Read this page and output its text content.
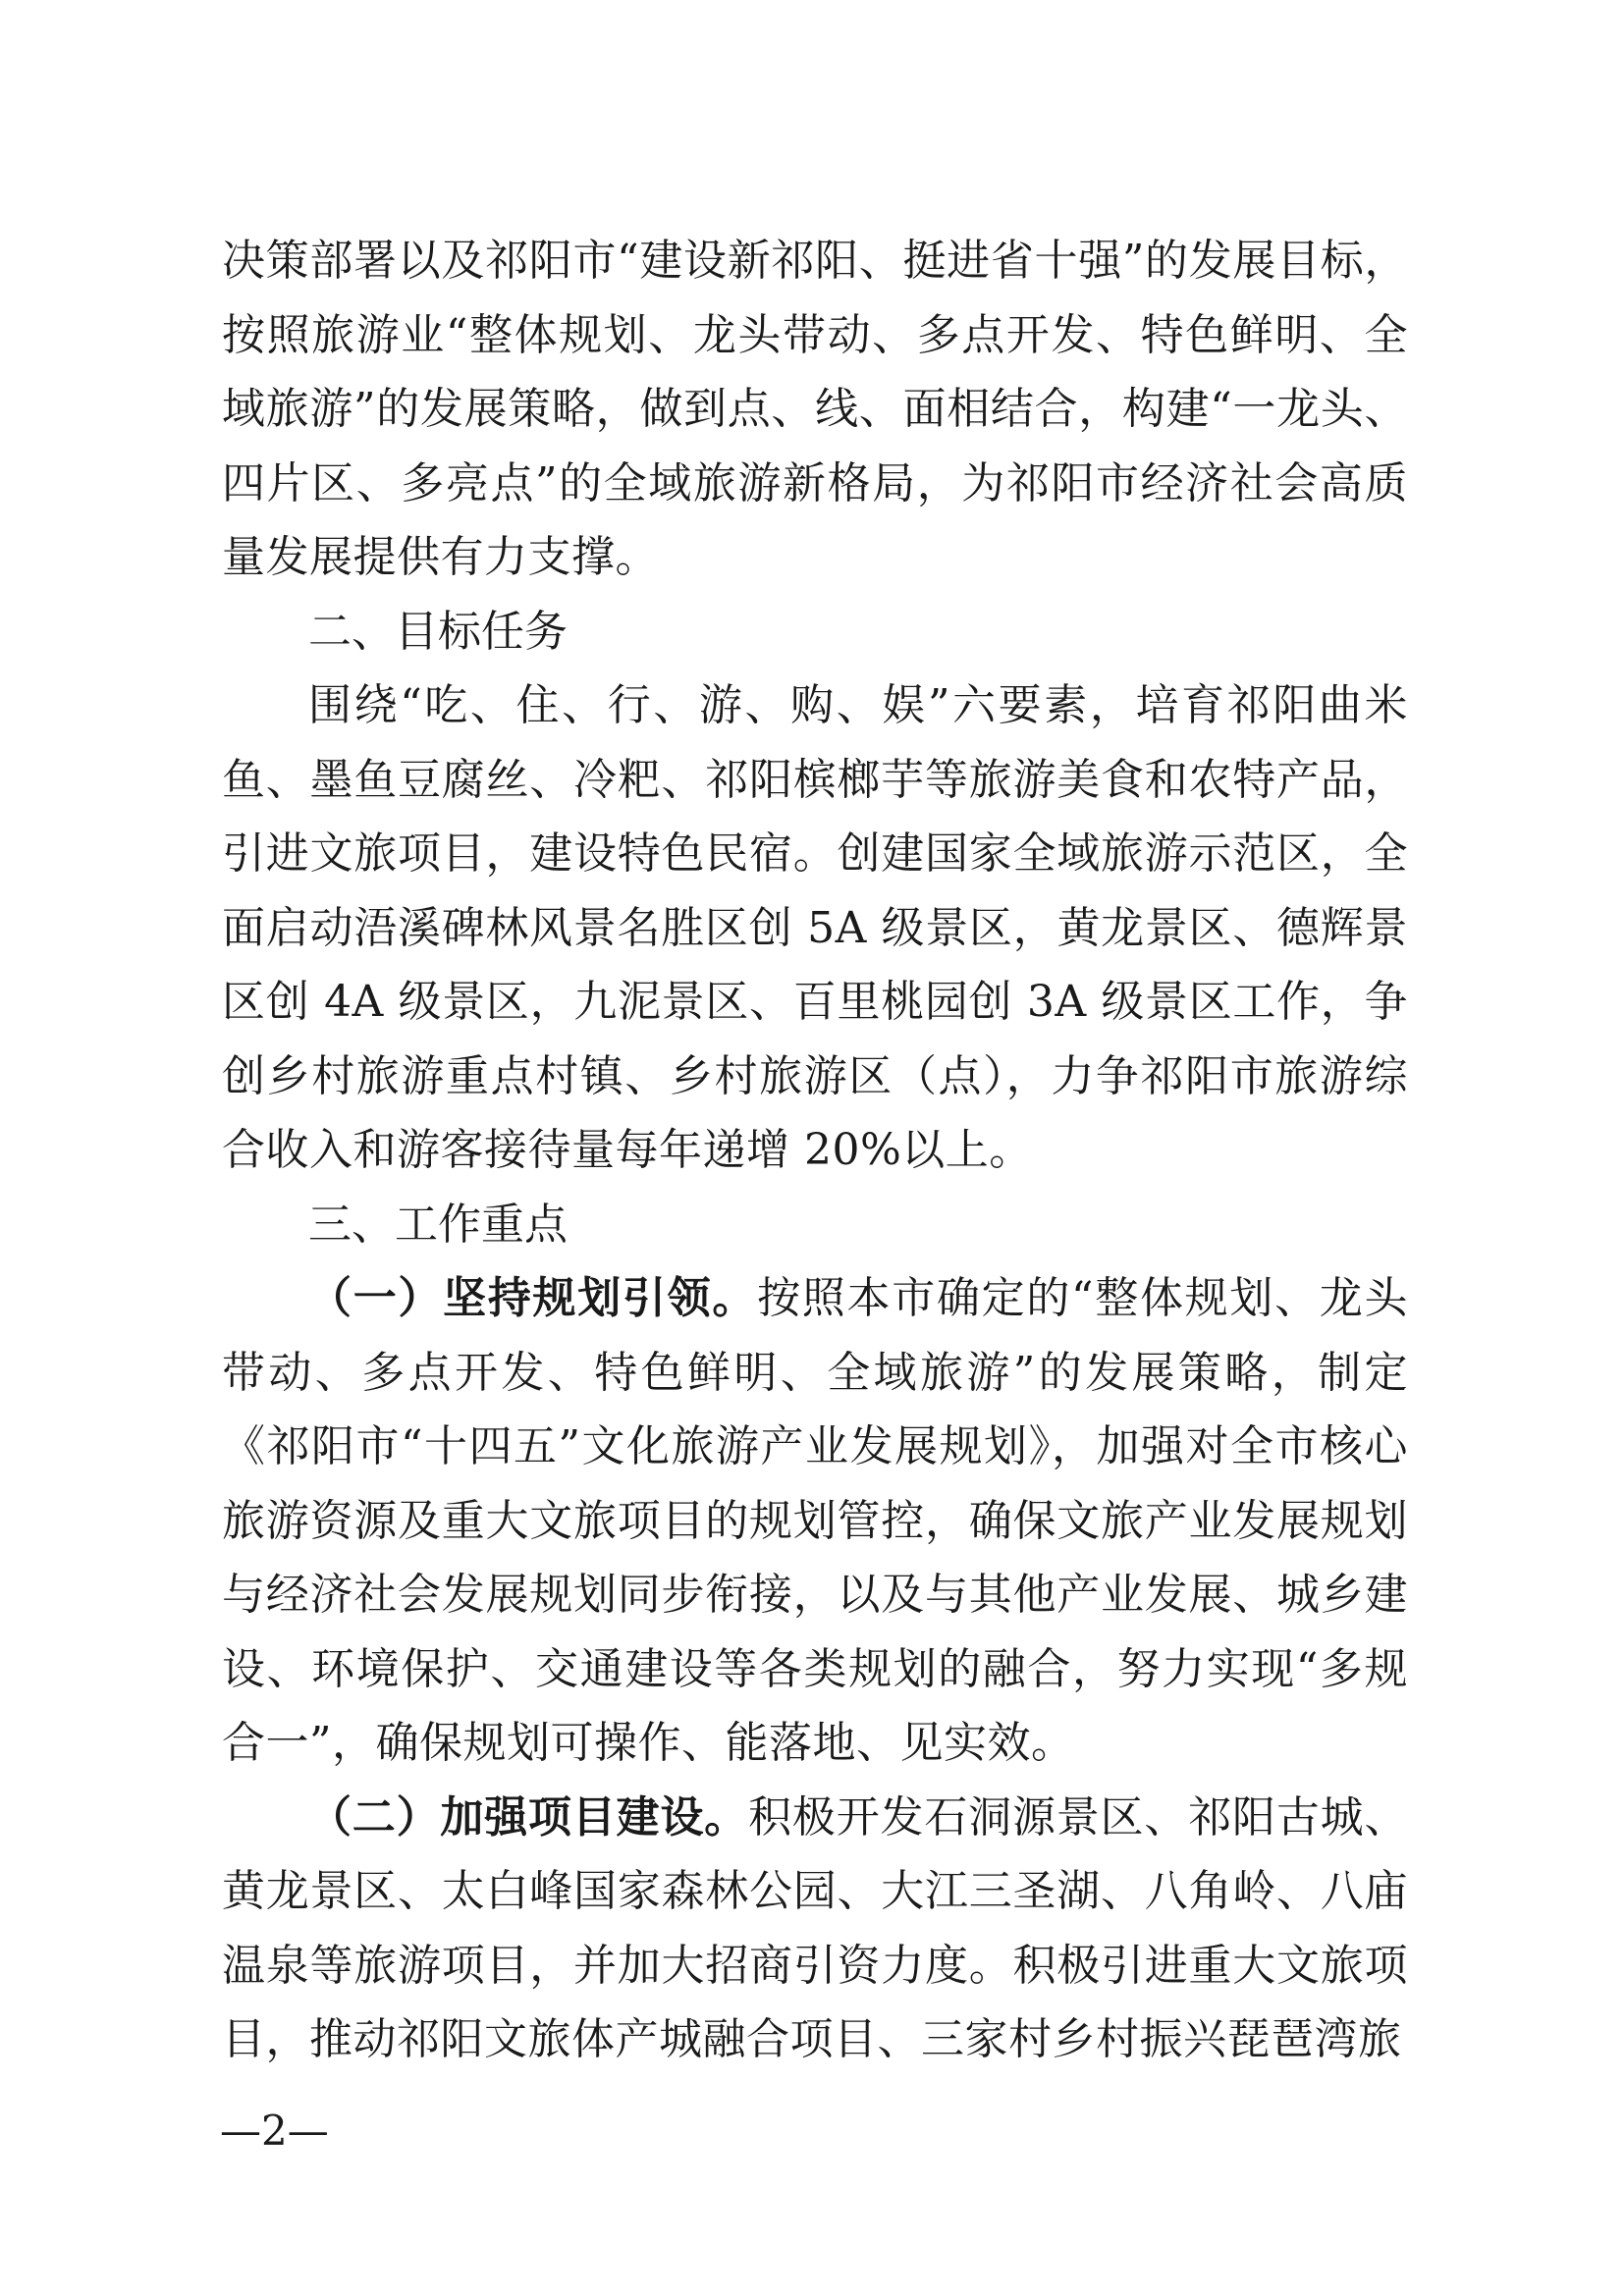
决策部署以及祁阳市“建设新祁阳、挺进省十强”的发展目标，按照旅游业“整体规划、龙头带动、多点开发、特色鲜明、全域旅游”的发展策略，做到点、线、面相结合，构建“一龙头、四片区、多亮点”的全域旅游新格局，为祁阳市经济社会高质量发展提供有力支撑。

二、目标任务

围绕“吃、住、行、游、购、娱”六要素，培育祁阳曲米鱼、墨鱼豆腐丝、冷粑、祁阳槟榔芋等旅游美食和农特产品，引进文旅项目，建设特色民宿。创建国家全域旅游示范区，全面启动浯溪碑林风景名胜区创 5A 级景区，黄龙景区、德辉景区创 4A 级景区，九泥景区、百里桃园创 3A 级景区工作，争创乡村旅游重点村镇、乡村旅游区（点），力争祁阳市旅游综合收入和游客接待量每年递增 20%以上。

三、工作重点

（一）坚持规划引领。按照本市确定的“整体规划、龙头带动、多点开发、特色鲜明、全域旅游”的发展策略，制定《祁阳市“十四五”文化旅游产业发展规划》，加强对全市核心旅游资源及重大文旅项目的规划管控，确保文旅产业发展规划与经济社会发展规划同步衔接，以及与其他产业发展、城乡建设、环境保护、交通建设等各类规划的融合，努力实现“多规合一”，确保规划可操作、能落地、见实效。

（二）加强项目建设。积极开发石洞源景区、祁阳古城、黄龙景区、太白峰国家森林公园、大江三圣湖、八角岭、八庙温泉等旅游项目，并加大招商引资力度。积极引进重大文旅项目，推动祁阳文旅体产城融合项目、三家村乡村振兴琵琶湾旅

—2—
